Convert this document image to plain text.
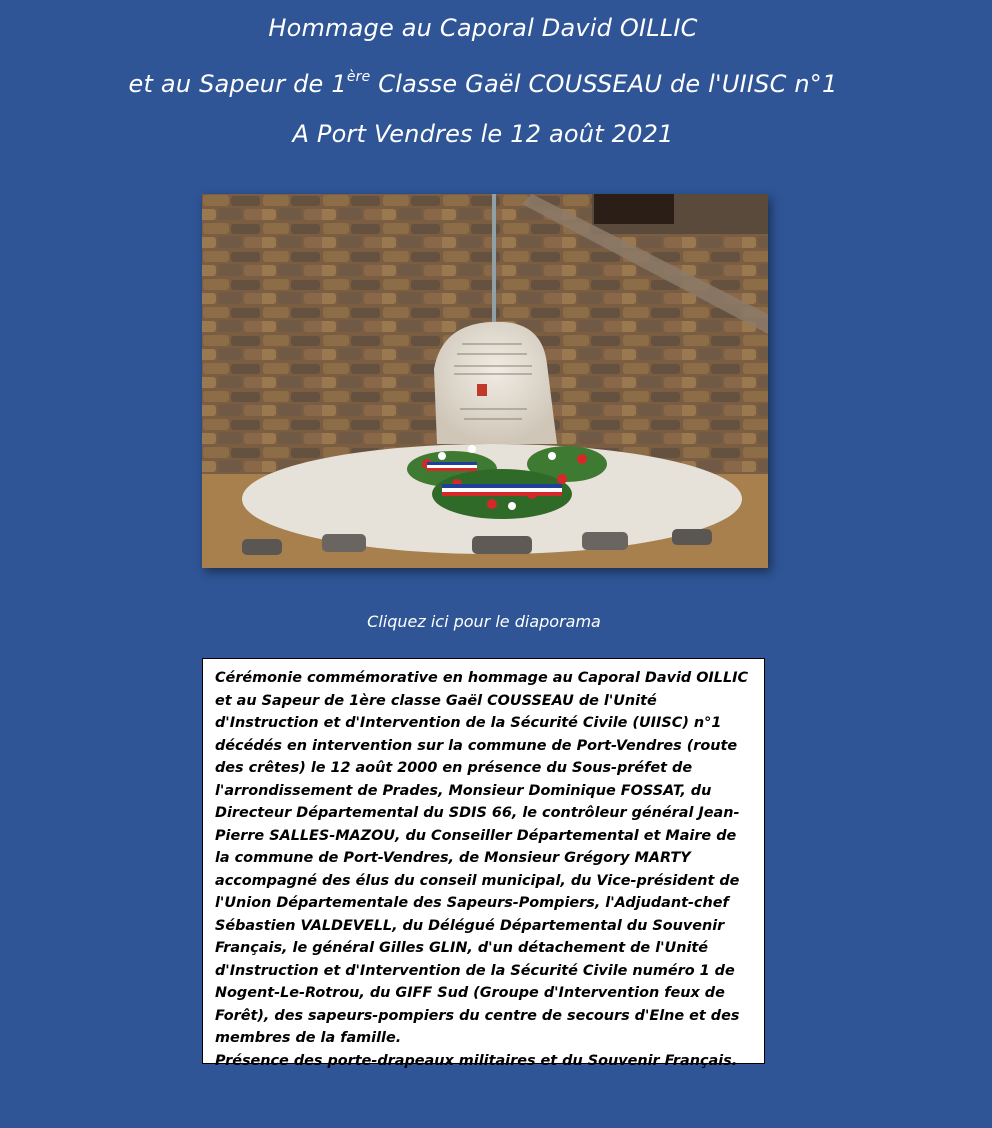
Hommage au Caporal David OILLIC
et au Sapeur de 1ère Classe Gaël COUSSEAU de l'UIISC n°1
A Port Vendres le 12 août 2021
Cliquez ici pour le diaporama

Cérémonie commémorative en hommage au Caporal David OILLIC et au Sapeur de 1ère classe Gaël COUSSEAU de l'Unité d'Instruction et d'Intervention de la Sécurité Civile (UIISC) n°1 décédés en intervention sur la commune de Port-Vendres (route des crêtes) le 12 août 2000 en présence du Sous-préfet de l'arrondissement de Prades, Monsieur Dominique FOSSAT, du Directeur Départemental du SDIS 66, le contrôleur général Jean-Pierre SALLES-MAZOU, du Conseiller Départemental et Maire de la commune de Port-Vendres, de Monsieur Grégory MARTY accompagné des élus du conseil municipal, du Vice-président de l'Union Départementale des Sapeurs-Pompiers, l'Adjudant-chef Sébastien VALDEVELL, du Délégué Départemental du Souvenir Français, le général Gilles GLIN, d'un détachement de l'Unité d'Instruction et d'Intervention de la Sécurité Civile numéro 1 de Nogent-Le-Rotrou, du GIFF Sud (Groupe d'Intervention feux de Forêt), des sapeurs-pompiers du centre de secours d'Elne et des membres de la famille.

Présence des porte-drapeaux militaires et du Souvenir Français.
